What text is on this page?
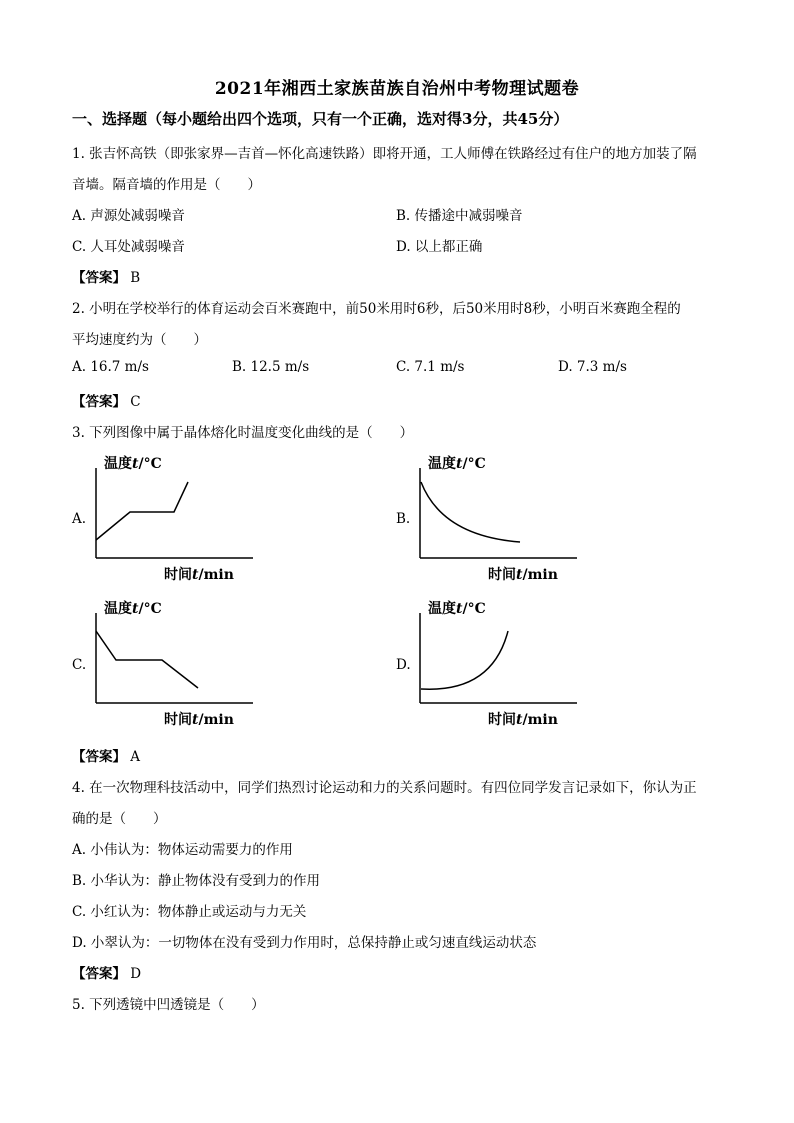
2021年湘西土家族苗族自治州中考物理试题卷
一、选择题（每小题给出四个选项，只有一个正确，选对得3分，共45分）
1. 张吉怀高铁（即张家界—吉首—怀化高速铁路）即将开通，工人师傅在铁路经过有住户的地方加装了隔
音墙。隔音墙的作用是（　　）
A. 声源处减弱噪音	B. 传播途中减弱噪音
C. 人耳处减弱噪音	D. 以上都正确
【答案】 B
2. 小明在学校举行的体育运动会百米赛跑中，前50米用时6秒，后50米用时8秒，小明百米赛跑全程的
平均速度约为（　　）
A. 16.7 m/s	B. 12.5 m/s	C. 7.1 m/s	D. 7.3 m/s
【答案】 C
3. 下列图像中属于晶体熔化时温度变化曲线的是（　　）
A.
温度t/°C
时间t/min
B.
温度t/°C
时间t/min
C.
温度t/°C
时间t/min
D.
温度t/°C
时间t/min
【答案】 A
4. 在一次物理科技活动中，同学们热烈讨论运动和力的关系问题时。有四位同学发言记录如下，你认为正
确的是（　　）
A. 小伟认为：物体运动需要力的作用
B. 小华认为：静止物体没有受到力的作用
C. 小红认为：物体静止或运动与力无关
D. 小翠认为：一切物体在没有受到力作用时，总保持静止或匀速直线运动状态
【答案】 D
5. 下列透镜中凹透镜是（　　）
